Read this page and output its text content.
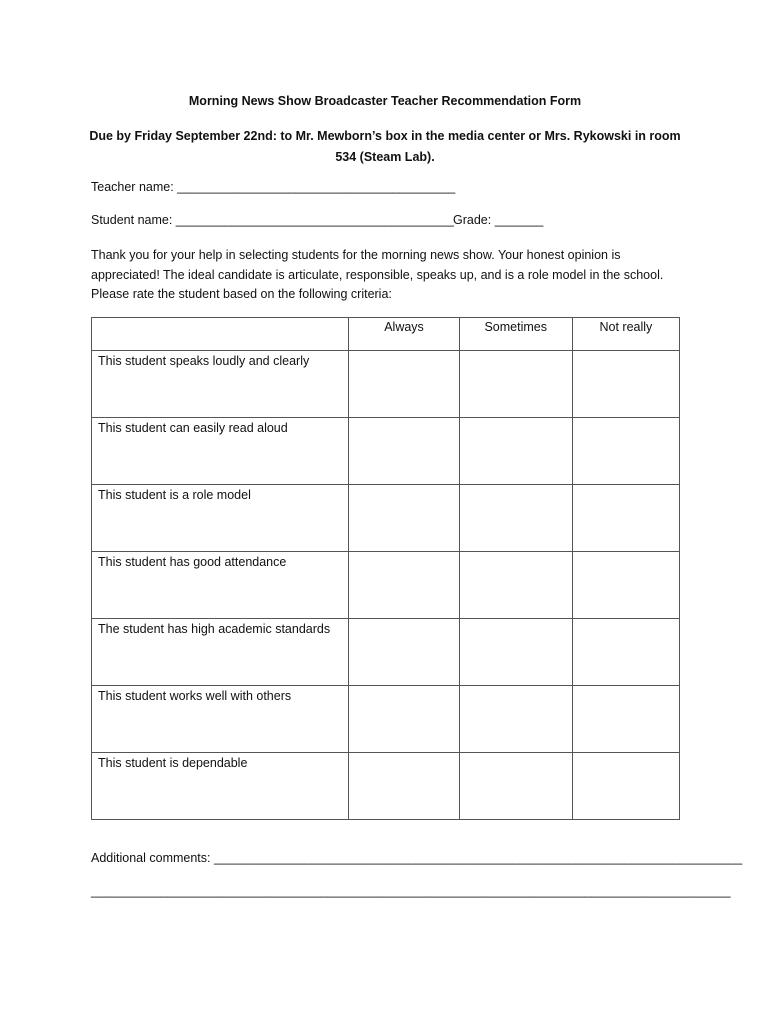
Morning News Show Broadcaster Teacher Recommendation Form
Due by Friday September 22nd: to Mr. Mewborn’s box in the media center or Mrs. Rykowski in room
534 (Steam Lab).
Teacher name: ________________________________________
Student name: ________________________________________ Grade: _______
Thank you for your help in selecting students for the morning news show. Your honest opinion is appreciated! The ideal candidate is articulate, responsible, speaks up, and is a role model in the school. Please rate the student based on the following criteria:
	Always	Sometimes	Not really

This student speaks loudly and clearly			

This student can easily read aloud			

This student is a role model			

This student has good attendance			

The student has high academic standards			

This student works well with others			

This student is dependable			

Additional comments: ____________________________________________________________________________
____________________________________________________________________________________________
